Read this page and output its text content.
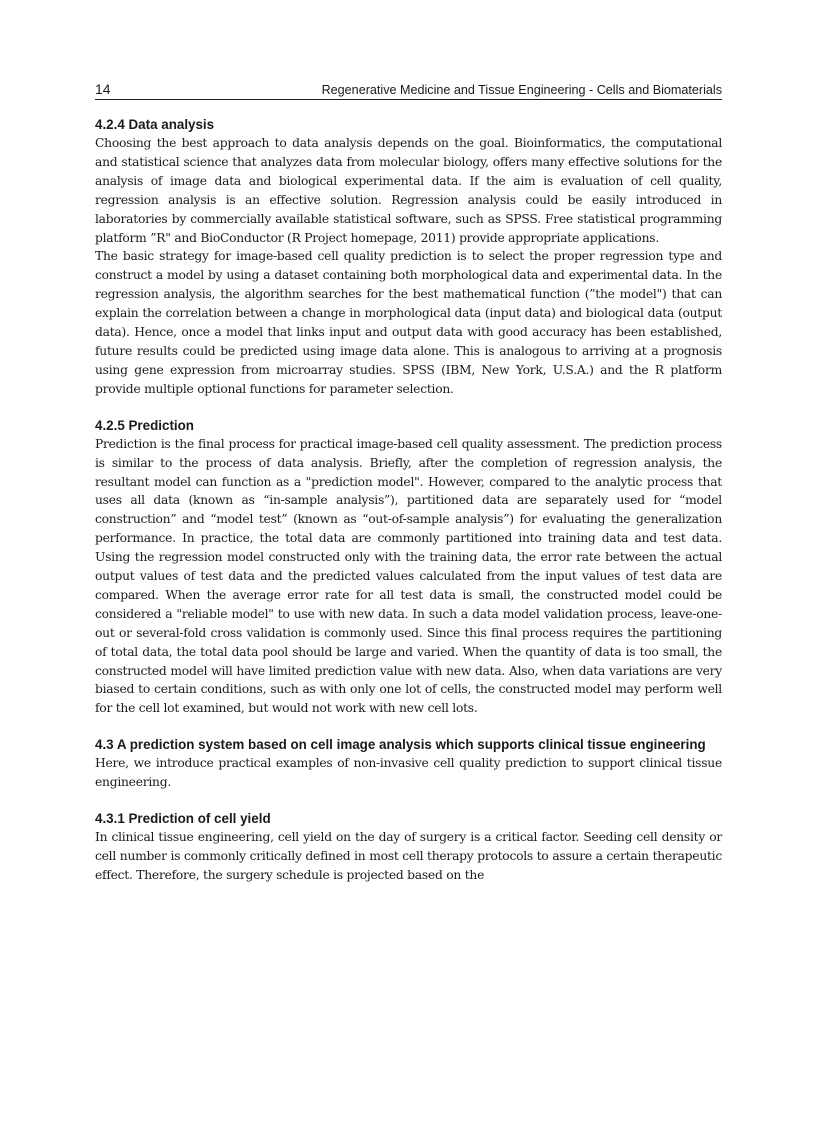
14	Regenerative Medicine and Tissue Engineering - Cells and Biomaterials
4.2.4 Data analysis

Choosing the best approach to data analysis depends on the goal. Bioinformatics, the computational and statistical science that analyzes data from molecular biology, offers many effective solutions for the analysis of image data and biological experimental data. If the aim is evaluation of cell quality, regression analysis is an effective solution. Regression analysis could be easily introduced in laboratories by commercially available statistical software, such as SPSS. Free statistical programming platform ”R" and BioConductor (R Project homepage, 2011) provide appropriate applications.

The basic strategy for image-based cell quality prediction is to select the proper regression type and construct a model by using a dataset containing both morphological data and experimental data. In the regression analysis, the algorithm searches for the best mathematical function (”the model") that can explain the correlation between a change in morphological data (input data) and biological data (output data). Hence, once a model that links input and output data with good accuracy has been established, future results could be predicted using image data alone. This is analogous to arriving at a prognosis using gene expression from microarray studies. SPSS (IBM, New York, U.S.A.) and the R platform provide multiple optional functions for parameter selection.

4.2.5 Prediction

Prediction is the final process for practical image-based cell quality assessment. The prediction process is similar to the process of data analysis. Briefly, after the completion of regression analysis, the resultant model can function as a "prediction model". However, compared to the analytic process that uses all data (known as “in-sample analysis”), partitioned data are separately used for “model construction” and “model test” (known as “out-of-sample analysis”) for evaluating the generalization performance. In practice, the total data are commonly partitioned into training data and test data. Using the regression model constructed only with the training data, the error rate between the actual output values of test data and the predicted values calculated from the input values of test data are compared. When the average error rate for all test data is small, the constructed model could be considered a "reliable model" to use with new data. In such a data model validation process, leave-one-out or several-fold cross validation is commonly used. Since this final process requires the partitioning of total data, the total data pool should be large and varied. When the quantity of data is too small, the constructed model will have limited prediction value with new data. Also, when data variations are very biased to certain conditions, such as with only one lot of cells, the constructed model may perform well for the cell lot examined, but would not work with new cell lots.

4.3 A prediction system based on cell image analysis which supports clinical tissue engineering

Here, we introduce practical examples of non-invasive cell quality prediction to support clinical tissue engineering.

4.3.1 Prediction of cell yield

In clinical tissue engineering, cell yield on the day of surgery is a critical factor. Seeding cell density or cell number is commonly critically defined in most cell therapy protocols to assure a certain therapeutic effect. Therefore, the surgery schedule is projected based on the
